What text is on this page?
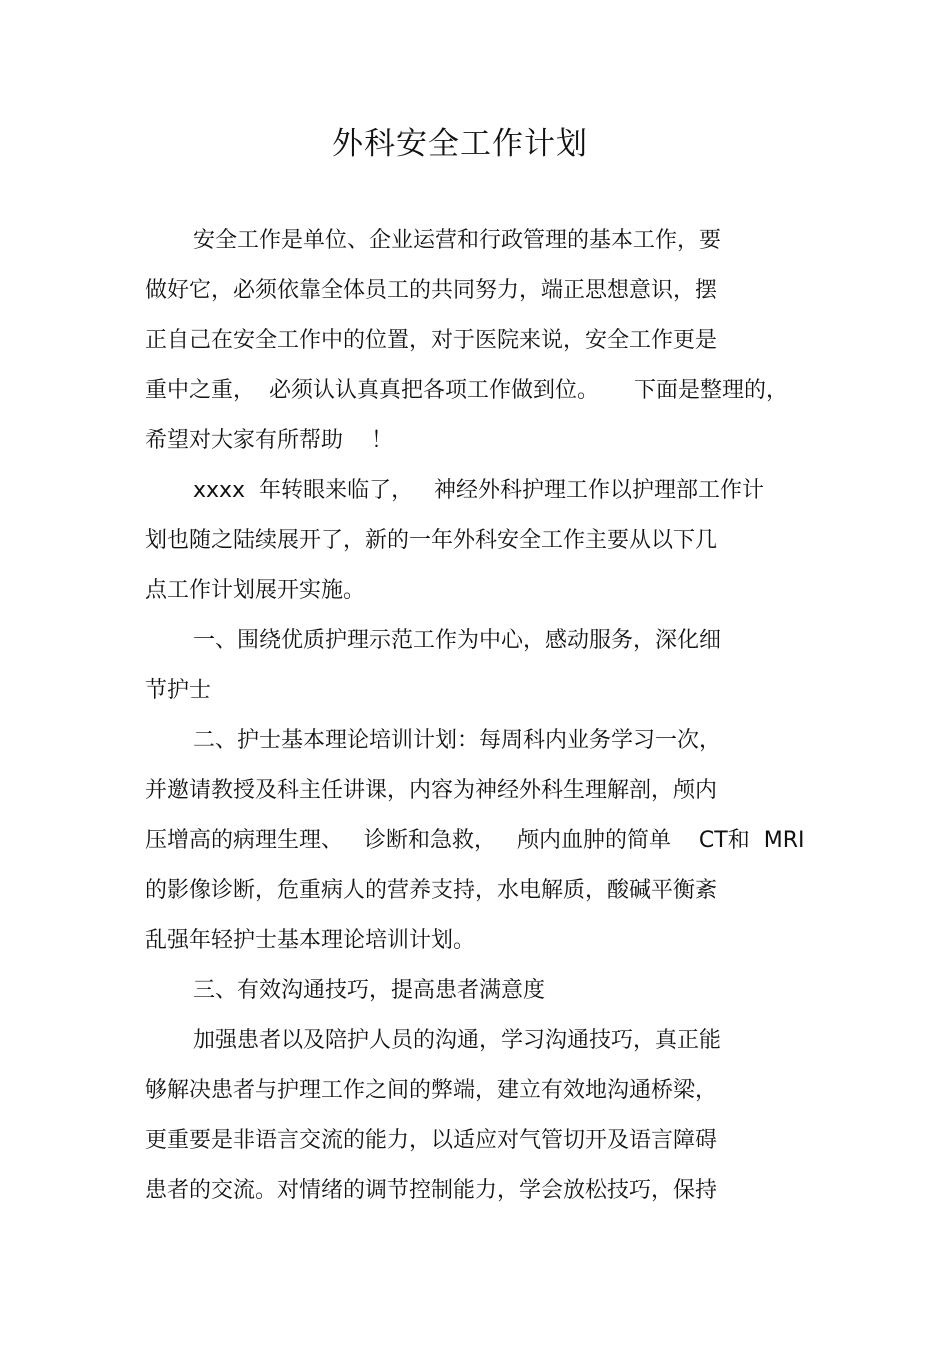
外科安全工作计划
安全工作是单位、企业运营和行政管理的基本工作，要
做好它，必须依靠全体员工的共同努力，端正思想意识，摆
正自己在安全工作中的位置，对于医院来说，安全工作更是
重中之重，  必须认认真真把各项工作做到位。     下面是整理的，
希望对大家有所帮助    ！
xxxx  年转眼来临了，   神经外科护理工作以护理部工作计
划也随之陆续展开了，新的一年外科安全工作主要从以下几
点工作计划展开实施。
一、围绕优质护理示范工作为中心，感动服务，深化细
节护士
二、护士基本理论培训计划：每周科内业务学习一次，
并邀请教授及科主任讲课，内容为神经外科生理解剖，颅内
压增高的病理生理、   诊断和急救，   颅内血肿的简单    CT和  MRI
的影像诊断，危重病人的营养支持，水电解质，酸碱平衡紊
乱强年轻护士基本理论培训计划。
三、有效沟通技巧，提高患者满意度
加强患者以及陪护人员的沟通，学习沟通技巧，真正能
够解决患者与护理工作之间的弊端，建立有效地沟通桥梁，
更重要是非语言交流的能力，以适应对气管切开及语言障碍
患者的交流。对情绪的调节控制能力，学会放松技巧，保持
